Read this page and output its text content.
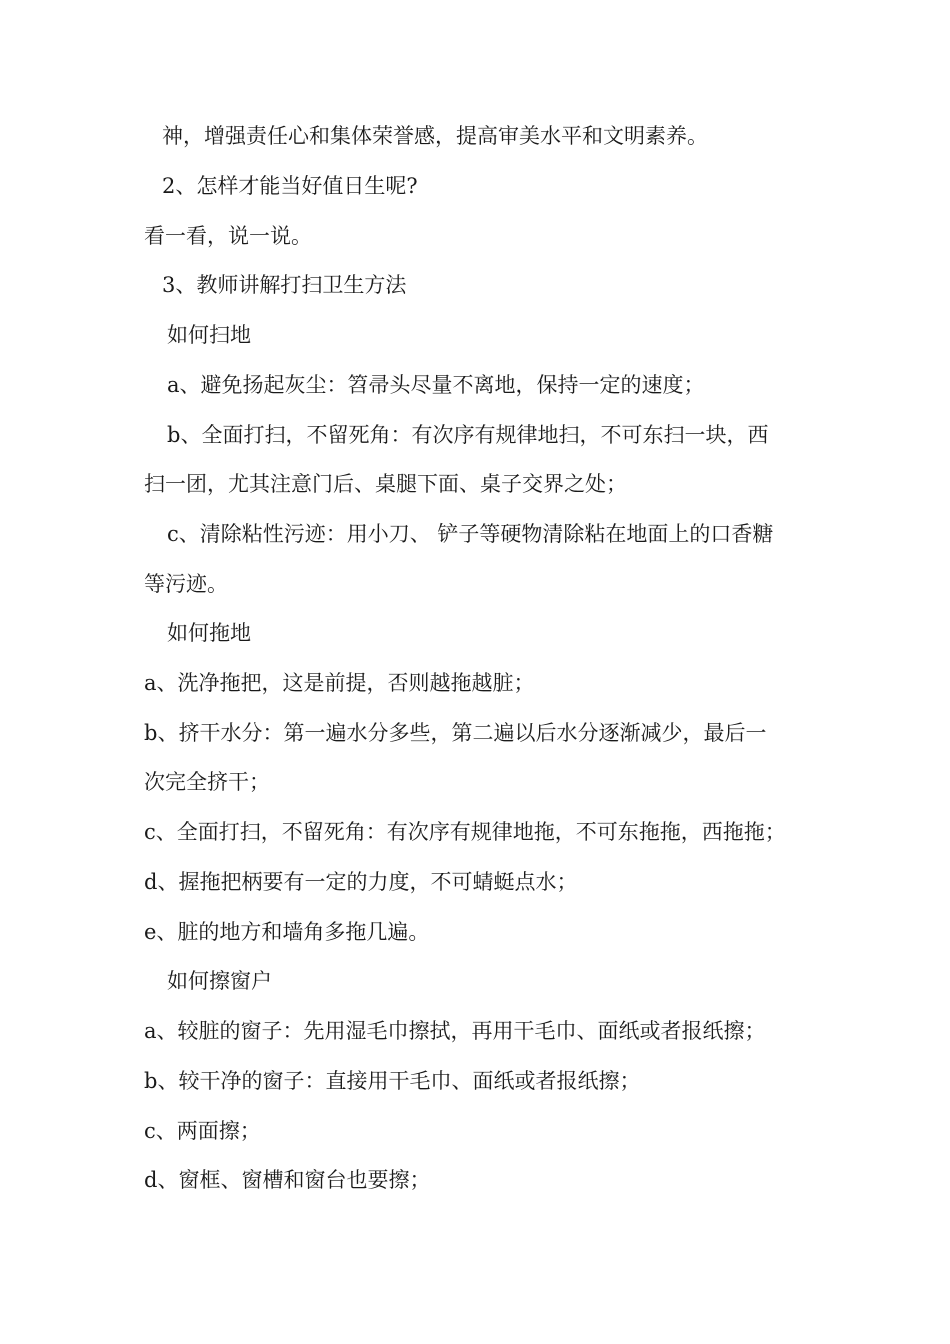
神，增强责任心和集体荣誉感，提高审美水平和文明素养。
2、怎样才能当好值日生呢?
看一看，说一说。
3、教师讲解打扫卫生方法
如何扫地
a、避免扬起灰尘：笤帚头尽量不离地，保持一定的速度；
b、全面打扫，不留死角：有次序有规律地扫，不可东扫一块，西
扫一团，尤其注意门后、桌腿下面、桌子交界之处；
c、清除粘性污迹：用小刀、 铲子等硬物清除粘在地面上的口香糖
等污迹。
如何拖地
a、洗净拖把，这是前提，否则越拖越脏；
b、挤干水分：第一遍水分多些，第二遍以后水分逐渐减少，最后一
次完全挤干；
c、全面打扫，不留死角：有次序有规律地拖，不可东拖拖，西拖拖；
d、握拖把柄要有一定的力度，不可蜻蜓点水；
e、脏的地方和墙角多拖几遍。
如何擦窗户
a、较脏的窗子：先用湿毛巾擦拭，再用干毛巾、面纸或者报纸擦；
b、较干净的窗子：直接用干毛巾、面纸或者报纸擦；
c、两面擦；
d、窗框、窗槽和窗台也要擦；
